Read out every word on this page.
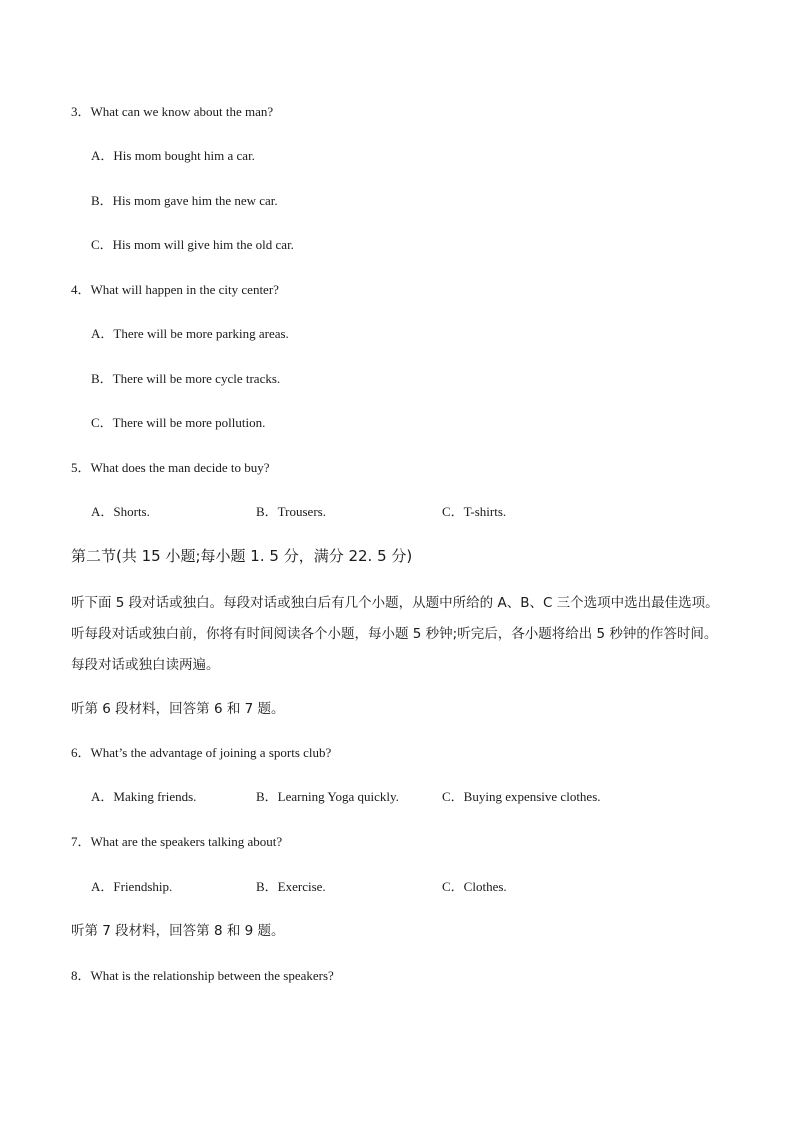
3．What can we know about the man?
A．His mom bought him a car.
B．His mom gave him the new car.
C．His mom will give him the old car.
4．What will happen in the city center?
A．There will be more parking areas.
B．There will be more cycle tracks.
C．There will be more pollution.
5．What does the man decide to buy?
A．Shorts.	B．Trousers.	C．T-shirts.
第二节(共 15 小题;每小题 1. 5 分，满分 22. 5 分)
听下面 5 段对话或独白。每段对话或独白后有几个小题，从题中所给的 A、B、C 三个选项中选出最佳选项。
听每段对话或独白前，你将有时间阅读各个小题，每小题 5 秒钟;听完后，各小题将给出 5 秒钟的作答时间。
每段对话或独白读两遍。
听第 6 段材料，回答第 6 和 7 题。
6．What’s the advantage of joining a sports club?
A．Making friends.	B．Learning Yoga quickly.	C．Buying expensive clothes.
7．What are the speakers talking about?
A．Friendship.	B．Exercise.	C．Clothes.
听第 7 段材料，回答第 8 和 9 题。
8．What is the relationship between the speakers?
